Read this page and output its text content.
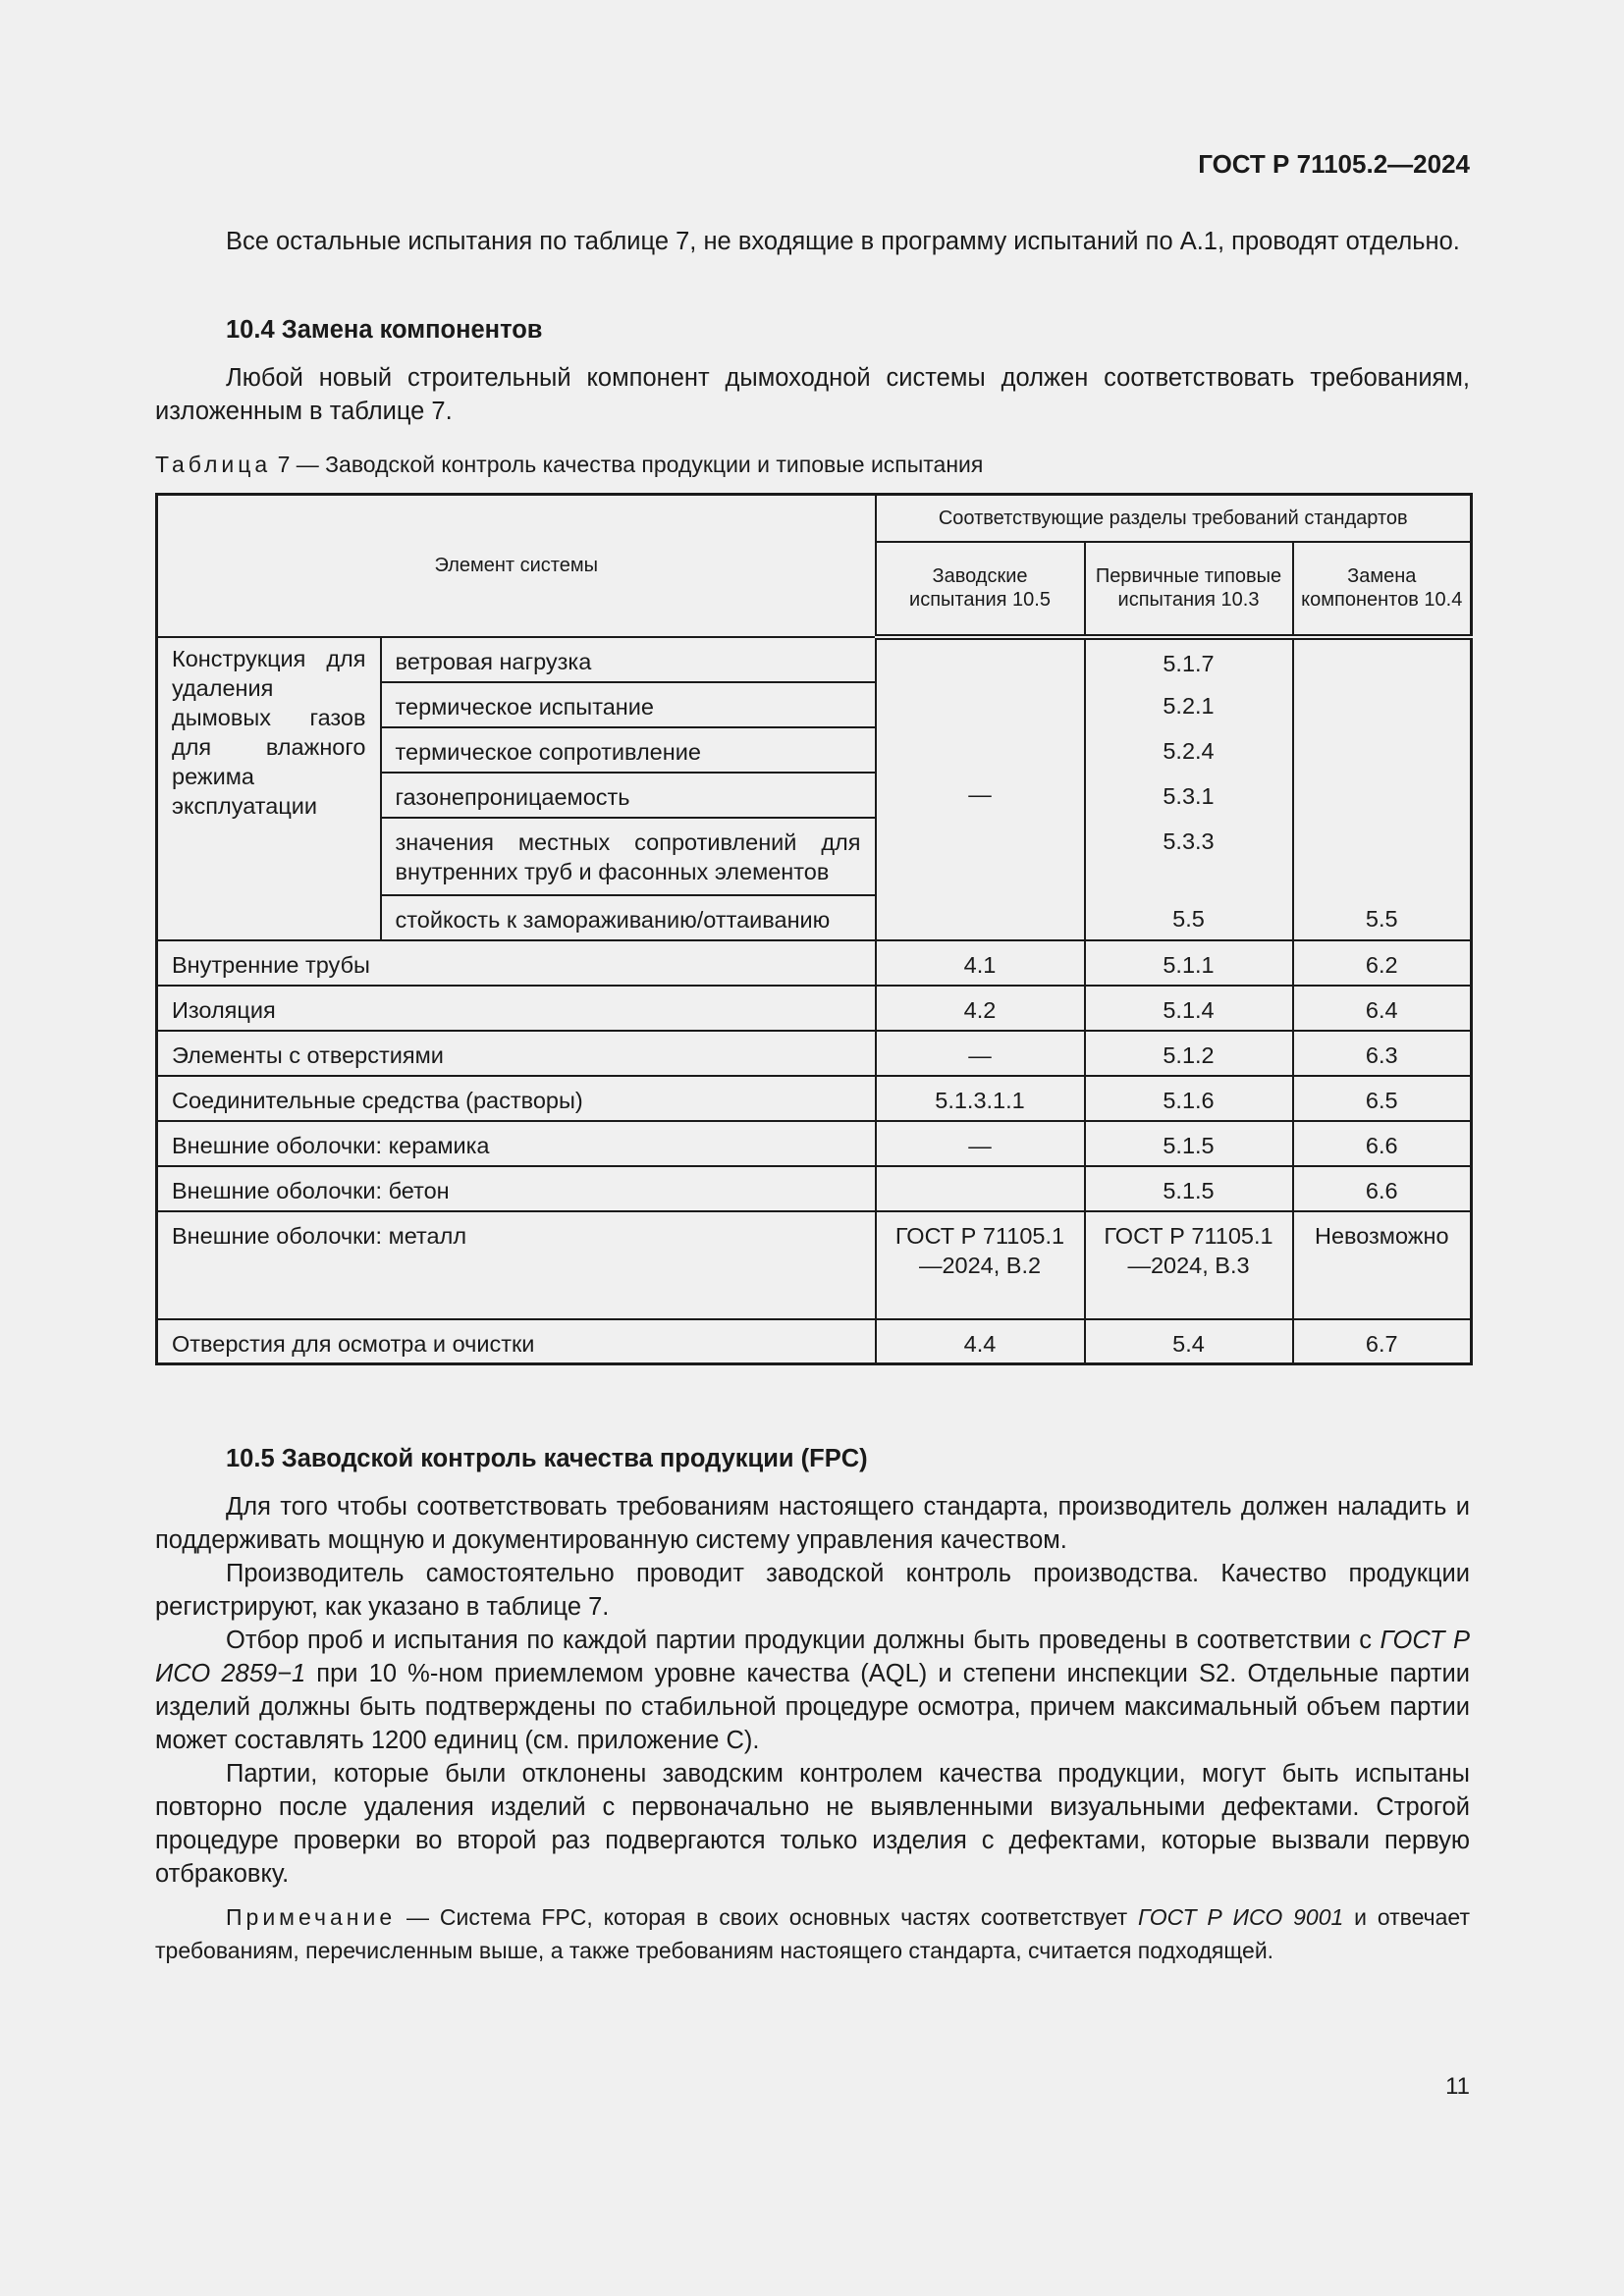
ГОСТ Р 71105.2—2024
Все остальные испытания по таблице 7, не входящие в программу испытаний по А.1, проводят отдельно.
10.4 Замена компонентов
Любой новый строительный компонент дымоходной системы должен соответствовать требованиям, изложенным в таблице 7.
Таблица 7 — Заводской контроль качества продукции и типовые испытания
Элемент системы		Соответствующие разделы требований стандартов		
		Заводские испытания 10.5	Первичные типовые испытания 10.3	Замена компонентов 10.4
Конструкция для удаления дымовых газов для влажного режима эксплуатации	ветровая нагрузка	—	5.1.7	
	термическое испытание		5.2.1	
	термическое сопротивление		5.2.4	
	газонепроницаемость		5.3.1	
	значения местных сопротивлений для внутренних труб и фасонных элементов		5.3.3	
	стойкость к замораживанию/оттаиванию		5.5	5.5
Внутренние трубы		4.1	5.1.1	6.2
Изоляция		4.2	5.1.4	6.4
Элементы с отверстиями		—	5.1.2	6.3
Соединительные средства (растворы)		5.1.3.1.1	5.1.6	6.5
Внешние оболочки: керамика		—	5.1.5	6.6
Внешние оболочки: бетон			5.1.5	6.6
Внешние оболочки: металл		ГОСТ Р 71105.1—2024, В.2	ГОСТ Р 71105.1—2024, В.3	Невозможно
Отверстия для осмотра и очистки		4.4	5.4	6.7
10.5 Заводской контроль качества продукции (FPC)
Для того чтобы соответствовать требованиям настоящего стандарта, производитель должен наладить и поддерживать мощную и документированную систему управления качеством.
Производитель самостоятельно проводит заводской контроль производства. Качество продукции регистрируют, как указано в таблице 7.
Отбор проб и испытания по каждой партии продукции должны быть проведены в соответствии с ГОСТ Р ИСО 2859−1 при 10 %-ном приемлемом уровне качества (AQL) и степени инспекции S2. Отдельные партии изделий должны быть подтверждены по стабильной процедуре осмотра, причем максимальный объем партии может составлять 1200 единиц (см. приложение С).
Партии, которые были отклонены заводским контролем качества продукции, могут быть испытаны повторно после удаления изделий с первоначально не выявленными визуальными дефектами. Строгой процедуре проверки во второй раз подвергаются только изделия с дефектами, которые вызвали первую отбраковку.
Примечание — Система FPC, которая в своих основных частях соответствует ГОСТ Р ИСО 9001 и отвечает требованиям, перечисленным выше, а также требованиям настоящего стандарта, считается подходящей.
11
